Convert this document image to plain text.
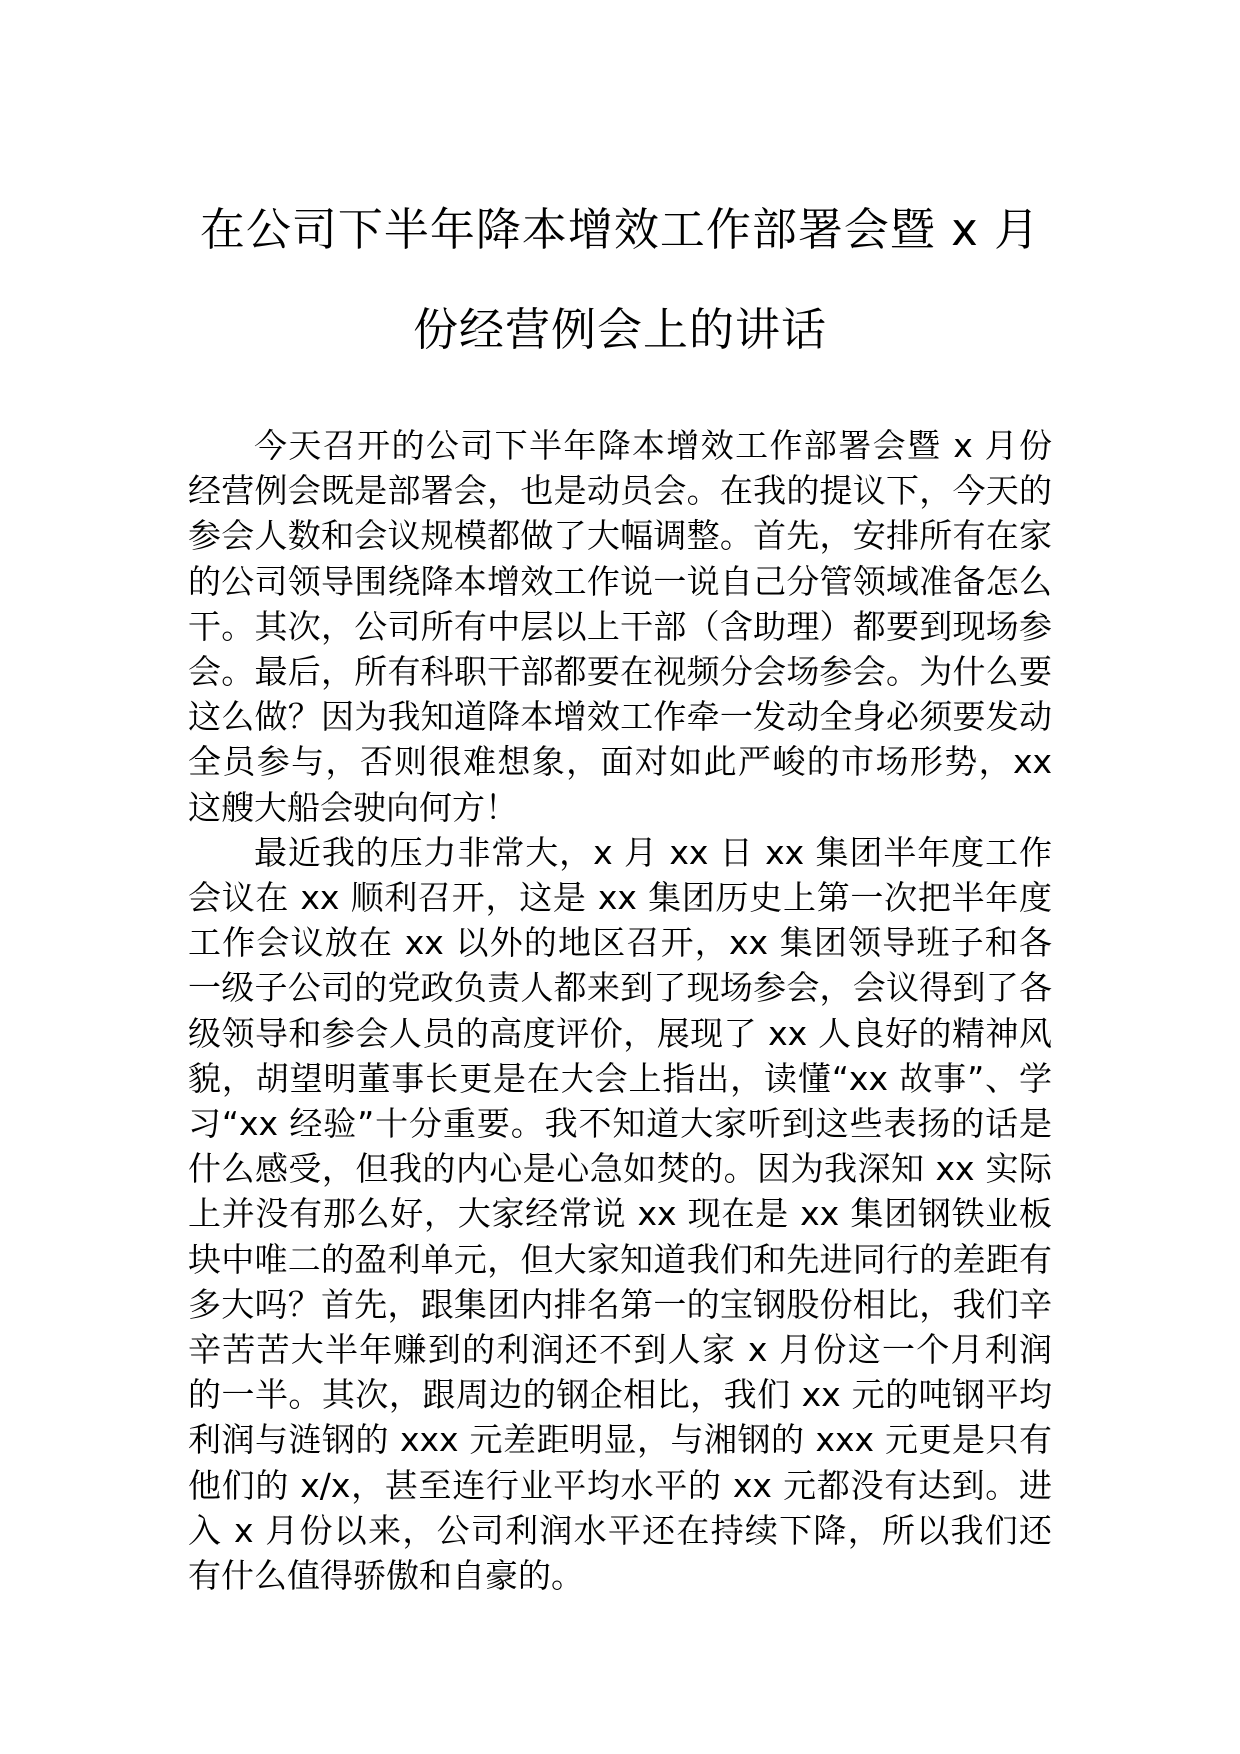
在公司下半年降本增效工作部署会暨 x 月
份经营例会上的讲话

今天召开的公司下半年降本增效工作部署会暨 x 月份经营例会既是部署会，也是动员会。在我的提议下，今天的参会人数和会议规模都做了大幅调整。首先，安排所有在家的公司领导围绕降本增效工作说一说自己分管领域准备怎么干。其次，公司所有中层以上干部（含助理）都要到现场参会。最后，所有科职干部都要在视频分会场参会。为什么要这么做？因为我知道降本增效工作牵一发动全身必须要发动全员参与，否则很难想象，面对如此严峻的市场形势，xx 这艘大船会驶向何方！

最近我的压力非常大，x 月 xx 日 xx 集团半年度工作会议在 xx 顺利召开，这是 xx 集团历史上第一次把半年度工作会议放在 xx 以外的地区召开，xx 集团领导班子和各一级子公司的党政负责人都来到了现场参会，会议得到了各级领导和参会人员的高度评价，展现了 xx 人良好的精神风貌，胡望明董事长更是在大会上指出，读懂“xx 故事”、学习“xx 经验”十分重要。我不知道大家听到这些表扬的话是什么感受，但我的内心是心急如焚的。因为我深知 xx 实际上并没有那么好，大家经常说 xx 现在是 xx 集团钢铁业板块中唯二的盈利单元，但大家知道我们和先进同行的差距有多大吗？首先，跟集团内排名第一的宝钢股份相比，我们辛辛苦苦大半年赚到的利润还不到人家 x 月份这一个月利润的一半。其次，跟周边的钢企相比，我们 xx 元的吨钢平均利润与涟钢的 xxx 元差距明显，与湘钢的 xxx 元更是只有他们的 x/x，甚至连行业平均水平的 xx 元都没有达到。进入 x 月份以来，公司利润水平还在持续下降，所以我们还有什么值得骄傲和自豪的。
